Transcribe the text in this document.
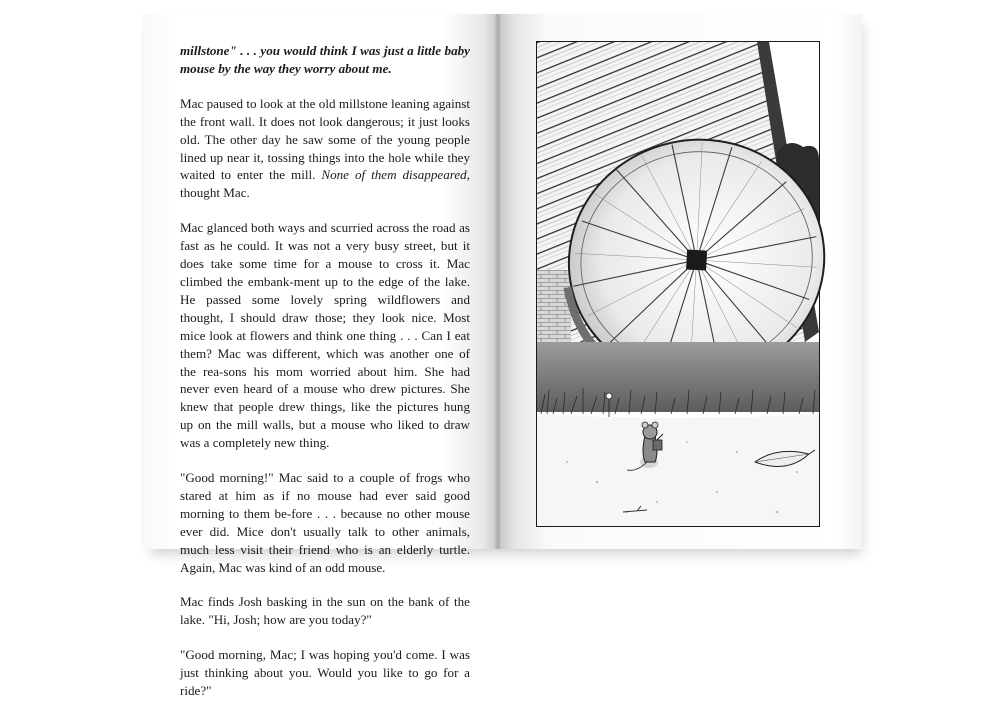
millstone" . . . you would think I was just a little baby mouse by the way they worry about me.

Mac paused to look at the old millstone leaning against the front wall. It does not look dangerous; it just looks old. The other day he saw some of the young people lined up near it, tossing things into the hole while they waited to enter the mill. None of them disappeared, thought Mac.

Mac glanced both ways and scurried across the road as fast as he could. It was not a very busy street, but it does take some time for a mouse to cross it. Mac climbed the embank-ment up to the edge of the lake. He passed some lovely spring wildflowers and thought, I should draw those; they look nice. Most mice look at flowers and think one thing . . . Can I eat them? Mac was different, which was another one of the rea-sons his mom worried about him. She had never even heard of a mouse who drew pictures. She knew that people drew things, like the pictures hung up on the mill walls, but a mouse who liked to draw was a completely new thing.

"Good morning!" Mac said to a couple of frogs who stared at him as if no mouse had ever said good morning to them be-fore . . . because no other mouse ever did. Mice don't usually talk to other animals, much less visit their friend who is an elderly turtle. Again, Mac was kind of an odd mouse.

Mac finds Josh basking in the sun on the bank of the lake. "Hi, Josh; how are you today?"

"Good morning, Mac; I was hoping you'd come. I was just thinking about you. Would you like to go for a ride?"
